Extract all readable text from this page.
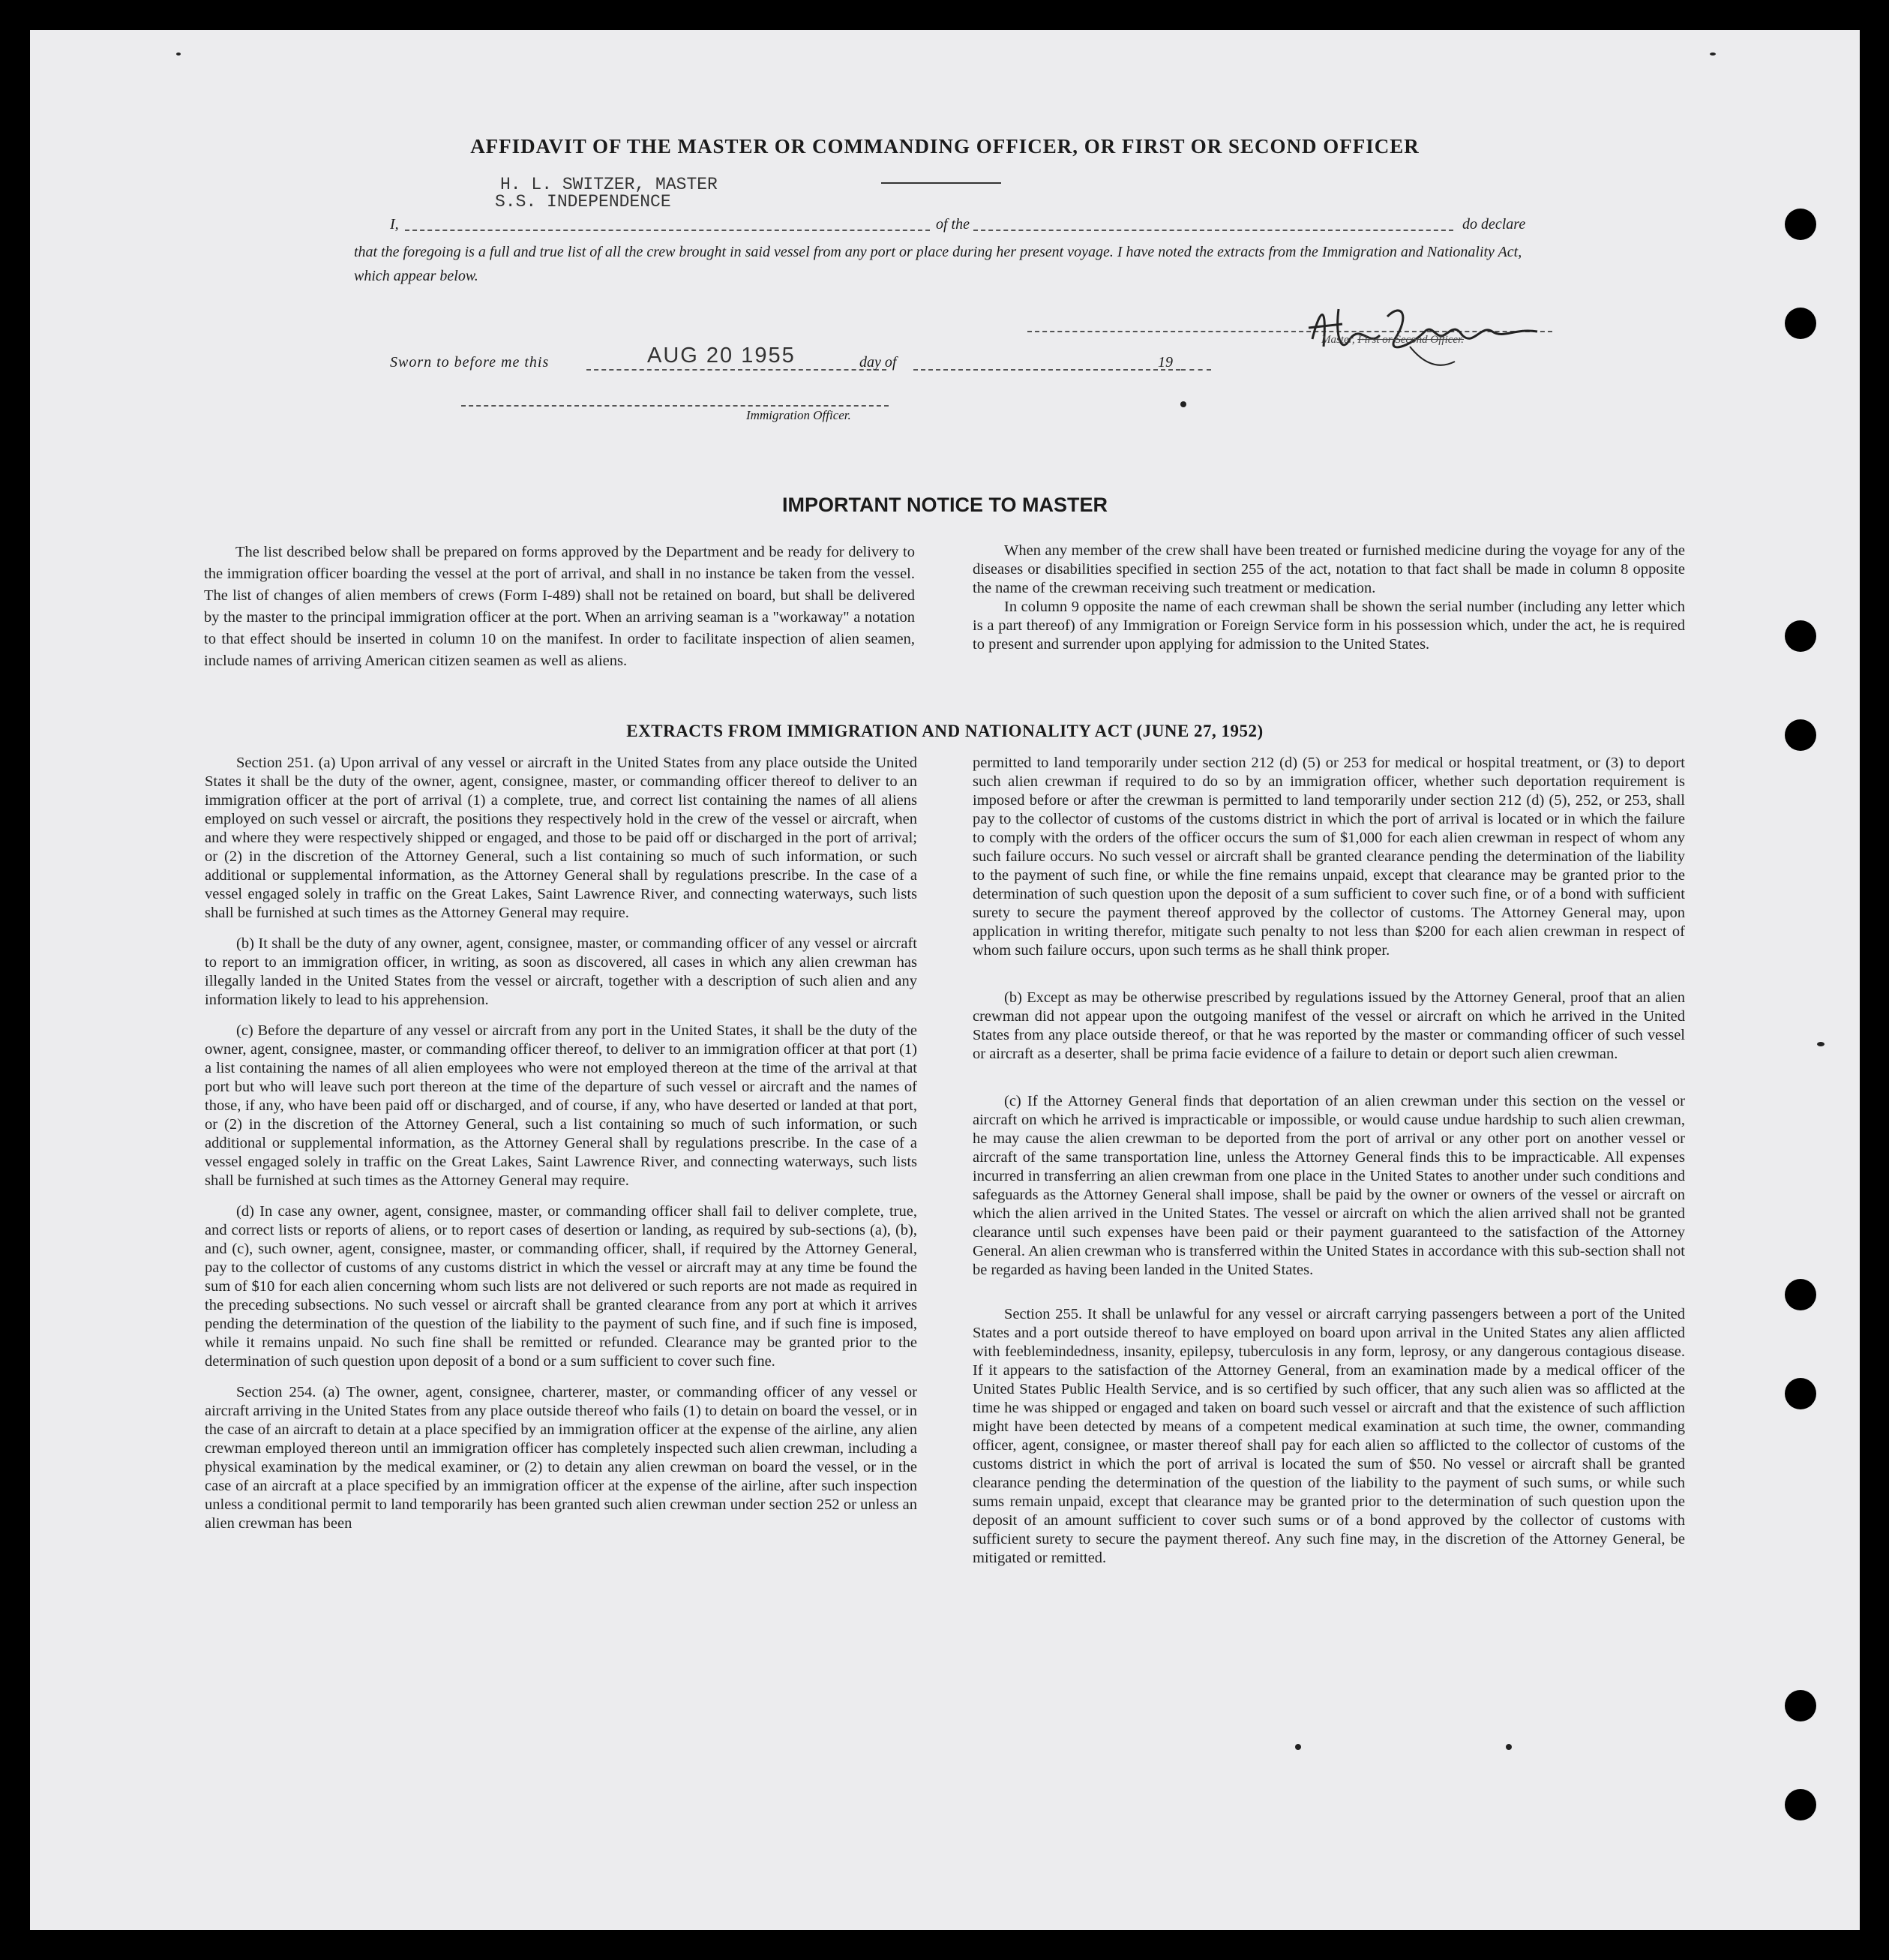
AFFIDAVIT OF THE MASTER OR COMMANDING OFFICER, OR FIRST OR SECOND OFFICER
H. L. SWITZER, MASTER
S.S. INDEPENDENCE
I,	of the	do declare
that the foregoing is a full and true list of all the crew brought in said vessel from any port or place during her present voyage. I have noted the extracts from the Immigration and Nationality Act, which appear below.
Master, First or Second Officer.
Sworn to before me this	AUG 20 1955	day of	19
Immigration Officer.
IMPORTANT NOTICE TO MASTER

The list described below shall be prepared on forms approved by the Department and be ready for delivery to the immigration officer boarding the vessel at the port of arrival, and shall in no instance be taken from the vessel. The list of changes of alien members of crews (Form I-489) shall not be retained on board, but shall be delivered by the master to the principal immigration officer at the port. When an arriving seaman is a "workaway" a notation to that effect should be inserted in column 10 on the manifest. In order to facilitate inspection of alien seamen, include names of arriving American citizen seamen as well as aliens.

When any member of the crew shall have been treated or furnished medicine during the voyage for any of the diseases or disabilities specified in section 255 of the act, notation to that fact shall be made in column 8 opposite the name of the crewman receiving such treatment or medication.

In column 9 opposite the name of each crewman shall be shown the serial number (including any letter which is a part thereof) of any Immigration or Foreign Service form in his possession which, under the act, he is required to present and surrender upon applying for admission to the United States.

EXTRACTS FROM IMMIGRATION AND NATIONALITY ACT (JUNE 27, 1952)

Section 251. (a) Upon arrival of any vessel or aircraft in the United States from any place outside the United States it shall be the duty of the owner, agent, consignee, master, or commanding officer thereof to deliver to an immigration officer at the port of arrival (1) a complete, true, and correct list containing the names of all aliens employed on such vessel or aircraft, the positions they respectively hold in the crew of the vessel or aircraft, when and where they were respectively shipped or engaged, and those to be paid off or discharged in the port of arrival; or (2) in the discretion of the Attorney General, such a list containing so much of such information, or such additional or supplemental information, as the Attorney General shall by regulations prescribe. In the case of a vessel engaged solely in traffic on the Great Lakes, Saint Lawrence River, and connecting waterways, such lists shall be furnished at such times as the Attorney General may require.

(b) It shall be the duty of any owner, agent, consignee, master, or commanding officer of any vessel or aircraft to report to an immigration officer, in writing, as soon as discovered, all cases in which any alien crewman has illegally landed in the United States from the vessel or aircraft, together with a description of such alien and any information likely to lead to his apprehension.

(c) Before the departure of any vessel or aircraft from any port in the United States, it shall be the duty of the owner, agent, consignee, master, or commanding officer thereof, to deliver to an immigration officer at that port (1) a list containing the names of all alien employees who were not employed thereon at the time of the arrival at that port but who will leave such port thereon at the time of the departure of such vessel or aircraft and the names of those, if any, who have been paid off or discharged, and of course, if any, who have deserted or landed at that port, or (2) in the discretion of the Attorney General, such a list containing so much of such information, or such additional or supplemental information, as the Attorney General shall by regulations prescribe. In the case of a vessel engaged solely in traffic on the Great Lakes, Saint Lawrence River, and connecting waterways, such lists shall be furnished at such times as the Attorney General may require.

(d) In case any owner, agent, consignee, master, or commanding officer shall fail to deliver complete, true, and correct lists or reports of aliens, or to report cases of desertion or landing, as required by sub-sections (a), (b), and (c), such owner, agent, consignee, master, or commanding officer, shall, if required by the Attorney General, pay to the collector of customs of any customs district in which the vessel or aircraft may at any time be found the sum of $10 for each alien concerning whom such lists are not delivered or such reports are not made as required in the preceding subsections. No such vessel or aircraft shall be granted clearance from any port at which it arrives pending the determination of the question of the liability to the payment of such fine, and if such fine is imposed, while it remains unpaid. No such fine shall be remitted or refunded. Clearance may be granted prior to the determination of such question upon deposit of a bond or a sum sufficient to cover such fine.

Section 254. (a) The owner, agent, consignee, charterer, master, or commanding officer of any vessel or aircraft arriving in the United States from any place outside thereof who fails (1) to detain on board the vessel, or in the case of an aircraft to detain at a place specified by an immigration officer at the expense of the airline, any alien crewman employed thereon until an immigration officer has completely inspected such alien crewman, including a physical examination by the medical examiner, or (2) to detain any alien crewman on board the vessel, or in the case of an aircraft at a place specified by an immigration officer at the expense of the airline, after such inspection unless a conditional permit to land temporarily has been granted such alien crewman under section 252 or unless an alien crewman has been

permitted to land temporarily under section 212 (d) (5) or 253 for medical or hospital treatment, or (3) to deport such alien crewman if required to do so by an immigration officer, whether such deportation requirement is imposed before or after the crewman is permitted to land temporarily under section 212 (d) (5), 252, or 253, shall pay to the collector of customs of the customs district in which the port of arrival is located or in which the failure to comply with the orders of the officer occurs the sum of $1,000 for each alien crewman in respect of whom any such failure occurs. No such vessel or aircraft shall be granted clearance pending the determination of the liability to the payment of such fine, or while the fine remains unpaid, except that clearance may be granted prior to the determination of such question upon the deposit of a sum sufficient to cover such fine, or of a bond with sufficient surety to secure the payment thereof approved by the collector of customs. The Attorney General may, upon application in writing therefor, mitigate such penalty to not less than $200 for each alien crewman in respect of whom such failure occurs, upon such terms as he shall think proper.

(b) Except as may be otherwise prescribed by regulations issued by the Attorney General, proof that an alien crewman did not appear upon the outgoing manifest of the vessel or aircraft on which he arrived in the United States from any place outside thereof, or that he was reported by the master or commanding officer of such vessel or aircraft as a deserter, shall be prima facie evidence of a failure to detain or deport such alien crewman.

(c) If the Attorney General finds that deportation of an alien crewman under this section on the vessel or aircraft on which he arrived is impracticable or impossible, or would cause undue hardship to such alien crewman, he may cause the alien crewman to be deported from the port of arrival or any other port on another vessel or aircraft of the same transportation line, unless the Attorney General finds this to be impracticable. All expenses incurred in transferring an alien crewman from one place in the United States to another under such conditions and safeguards as the Attorney General shall impose, shall be paid by the owner or owners of the vessel or aircraft on which the alien arrived in the United States. The vessel or aircraft on which the alien arrived shall not be granted clearance until such expenses have been paid or their payment guaranteed to the satisfaction of the Attorney General. An alien crewman who is transferred within the United States in accordance with this sub-section shall not be regarded as having been landed in the United States.

Section 255. It shall be unlawful for any vessel or aircraft carrying passengers between a port of the United States and a port outside thereof to have employed on board upon arrival in the United States any alien afflicted with feeblemindedness, insanity, epilepsy, tuberculosis in any form, leprosy, or any dangerous contagious disease. If it appears to the satisfaction of the Attorney General, from an examination made by a medical officer of the United States Public Health Service, and is so certified by such officer, that any such alien was so afflicted at the time he was shipped or engaged and taken on board such vessel or aircraft and that the existence of such affliction might have been detected by means of a competent medical examination at such time, the owner, commanding officer, agent, consignee, or master thereof shall pay for each alien so afflicted to the collector of customs of the customs district in which the port of arrival is located the sum of $50. No vessel or aircraft shall be granted clearance pending the determination of the question of the liability to the payment of such sums, or while such sums remain unpaid, except that clearance may be granted prior to the determination of such question upon the deposit of an amount sufficient to cover such sums or of a bond approved by the collector of customs with sufficient surety to secure the payment thereof. Any such fine may, in the discretion of the Attorney General, be mitigated or remitted.
